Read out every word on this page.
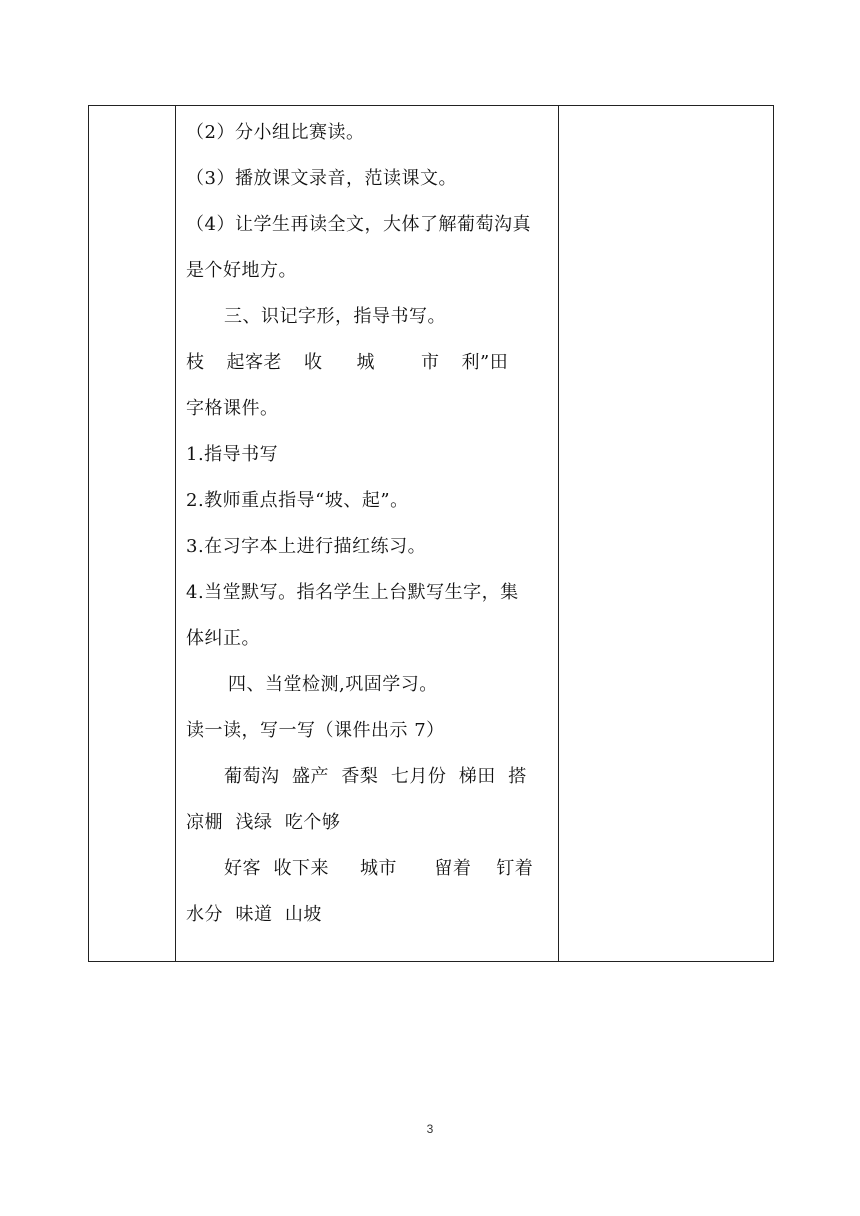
（2）分小组比赛读。

（3）播放课文录音，范读课文。

（4）让学生再读全文，大体了解葡萄沟真

是个好地方。

三、识记字形，指导书写。

枝 起客老 收 城	市 利”田

字格课件。

1.指导书写

2.教师重点指导“坡、起”。

3.在习字本上进行描红练习。

4.当堂默写。指名学生上台默写生字，集

体纠正。

四、当堂检测,巩固学习。

读一读，写一写（课件出示 7）

葡萄沟  盛产  香梨  七月份  梯田  搭

凉棚  浅绿  吃个够

好客  收下来     城市      留着    钉着

水分  味道  山坡

3
